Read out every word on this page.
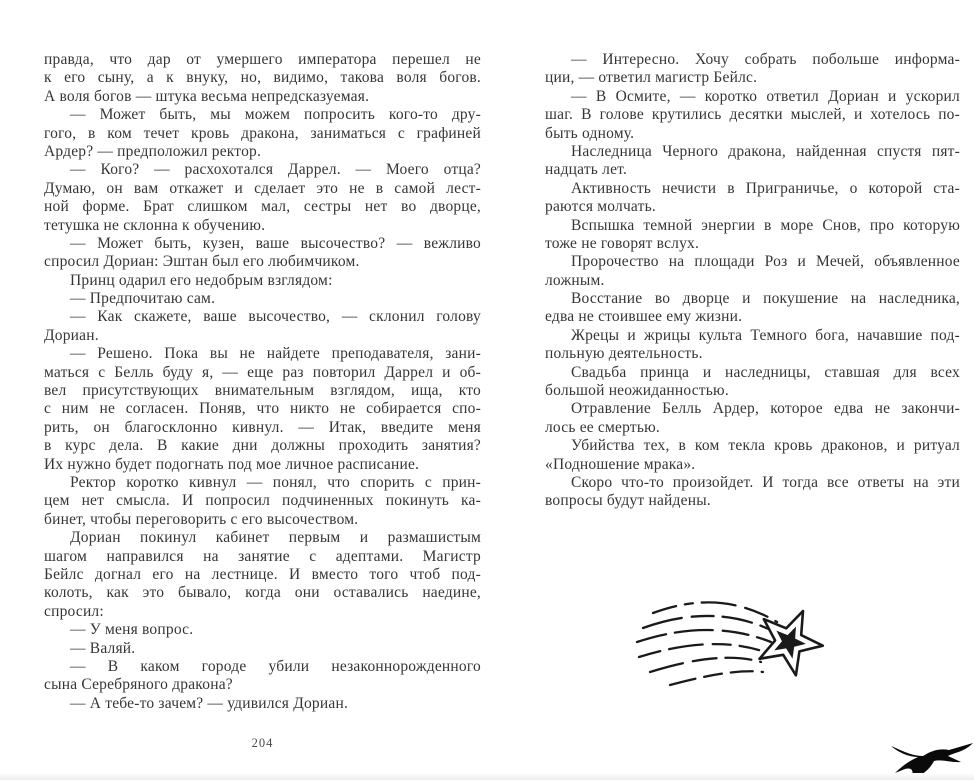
правда, что дар от умершего императора перешел не
к его сыну, а к внуку, но, видимо, такова воля богов.
А воля богов — штука весьма непредсказуемая.
— Может быть, мы можем попросить кого-то дру-
гого, в ком течет кровь дракона, заниматься с графиней
Ардер? — предположил ректор.
— Кого? — расхохотался Даррел. — Моего отца?
Думаю, он вам откажет и сделает это не в самой лест-
ной форме. Брат слишком мал, сестры нет во дворце,
тетушка не склонна к обучению.
— Может быть, кузен, ваше высочество? — вежливо
спросил Дориан: Эштан был его любимчиком.
Принц одарил его недобрым взглядом:
— Предпочитаю сам.
— Как скажете, ваше высочество, — склонил голову
Дориан.
— Решено. Пока вы не найдете преподавателя, зани-
маться с Белль буду я, — еще раз повторил Даррел и об-
вел присутствующих внимательным взглядом, ища, кто
с ним не согласен. Поняв, что никто не собирается спо-
рить, он благосклонно кивнул. — Итак, введите меня
в курс дела. В какие дни должны проходить занятия?
Их нужно будет подогнать под мое личное расписание.
Ректор коротко кивнул — понял, что спорить с прин-
цем нет смысла. И попросил подчиненных покинуть ка-
бинет, чтобы переговорить с его высочеством.
Дориан покинул кабинет первым и размашистым
шагом направился на занятие с адептами. Магистр
Бейлс догнал его на лестнице. И вместо того чтоб под-
колоть, как это бывало, когда они оставались наедине,
спросил:
— У меня вопрос.
— Валяй.
— В каком городе убили незаконнорожденного
сына Серебряного дракона?
— А тебе-то зачем? — удивился Дориан.
— Интересно. Хочу собрать побольше информа-
ции, — ответил магистр Бейлс.
— В Осмите, — коротко ответил Дориан и ускорил
шаг. В голове крутились десятки мыслей, и хотелось по-
быть одному.
Наследница Черного дракона, найденная спустя пят-
надцать лет.
Активность нечисти в Приграничье, о которой ста-
раются молчать.
Вспышка темной энергии в море Снов, про которую
тоже не говорят вслух.
Пророчество на площади Роз и Мечей, объявленное
ложным.
Восстание во дворце и покушение на наследника,
едва не стоившее ему жизни.
Жрецы и жрицы культа Темного бога, начавшие под-
польную деятельность.
Свадьба принца и наследницы, ставшая для всех
большой неожиданностью.
Отравление Белль Ардер, которое едва не закончи-
лось ее смертью.
Убийства тех, в ком текла кровь драконов, и ритуал
«Подношение мрака».
Скоро что-то произойдет. И тогда все ответы на эти
вопросы будут найдены.
204
